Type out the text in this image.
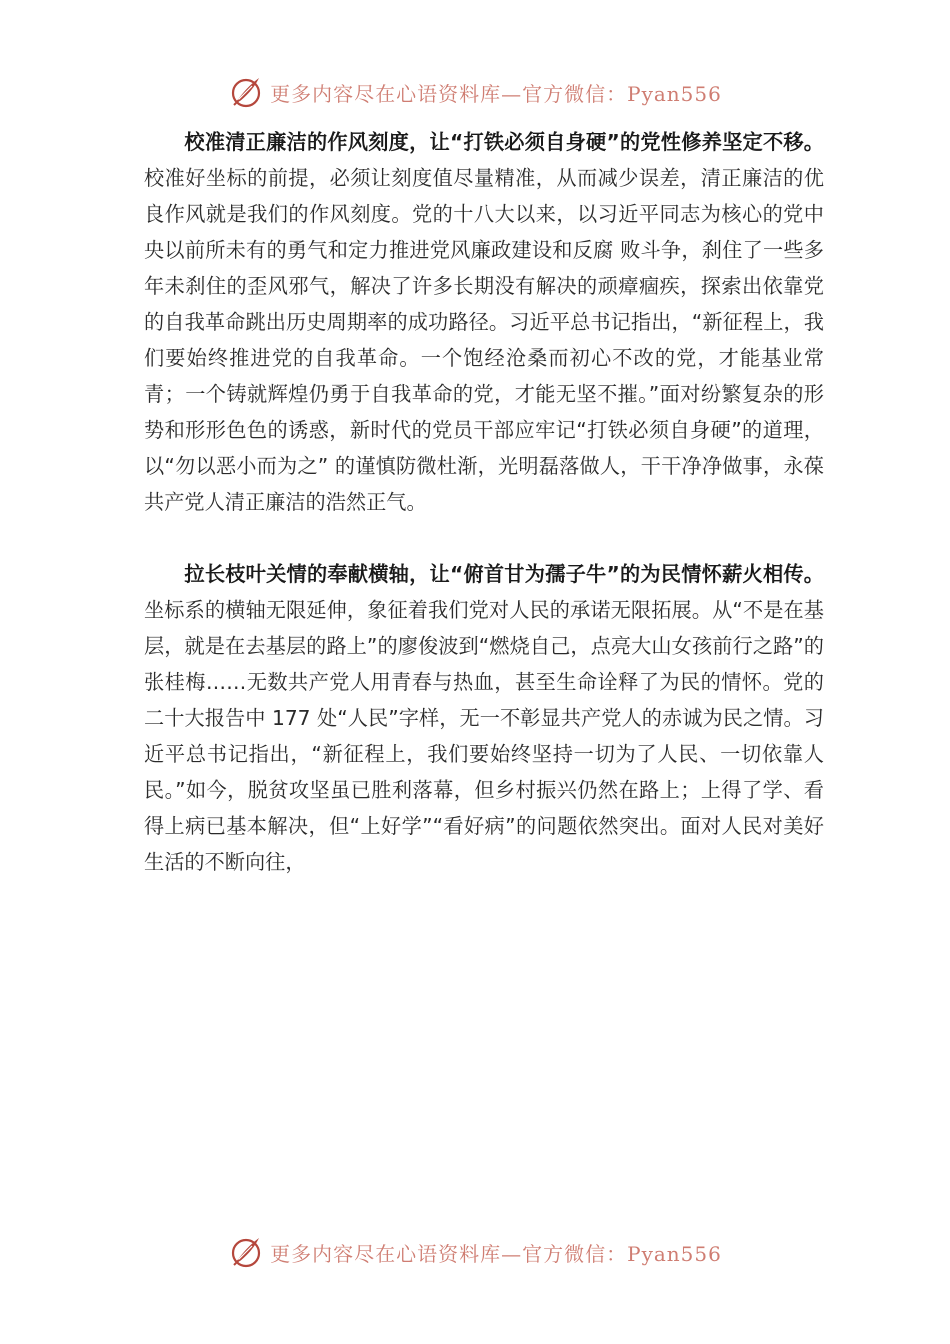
更多内容尽在心语资料库—官方微信：Pyan556

校准清正廉洁的作风刻度，让“打铁必须自身硬”的党性修养坚定不移。校准好坐标的前提，必须让刻度值尽量精准，从而减少误差，清正廉洁的优良作风就是我们的作风刻度。党的十八大以来，以习近平同志为核心的党中央以前所未有的勇气和定力推进党风廉政建设和反腐 败斗争，刹住了一些多年未刹住的歪风邪气，解决了许多长期没有解决的顽瘴痼疾，探索出依靠党的自我革命跳出历史周期率的成功路径。习近平总书记指出，“新征程上，我们要始终推进党的自我革命。一个饱经沧桑而初心不改的党，才能基业常青；一个铸就辉煌仍勇于自我革命的党，才能无坚不摧。”面对纷繁复杂的形势和形形色色的诱惑，新时代的党员干部应牢记“打铁必须自身硬”的道理，以“勿以恶小而为之” 的谨慎防微杜渐，光明磊落做人，干干净净做事，永葆共产党人清正廉洁的浩然正气。

拉长枝叶关情的奉献横轴，让“俯首甘为孺子牛”的为民情怀薪火相传。坐标系的横轴无限延伸，象征着我们党对人民的承诺无限拓展。从“不是在基层，就是在去基层的路上”的廖俊波到“燃烧自己，点亮大山女孩前行之路”的张桂梅……无数共产党人用青春与热血，甚至生命诠释了为民的情怀。党的二十大报告中 177 处“人民”字样，无一不彰显共产党人的赤诚为民之情。习近平总书记指出，“新征程上，我们要始终坚持一切为了人民、一切依靠人民。”如今，脱贫攻坚虽已胜利落幕，但乡村振兴仍然在路上；上得了学、看得上病已基本解决，但“上好学”“看好病”的问题依然突出。面对人民对美好生活的不断向往，

更多内容尽在心语资料库—官方微信：Pyan556
